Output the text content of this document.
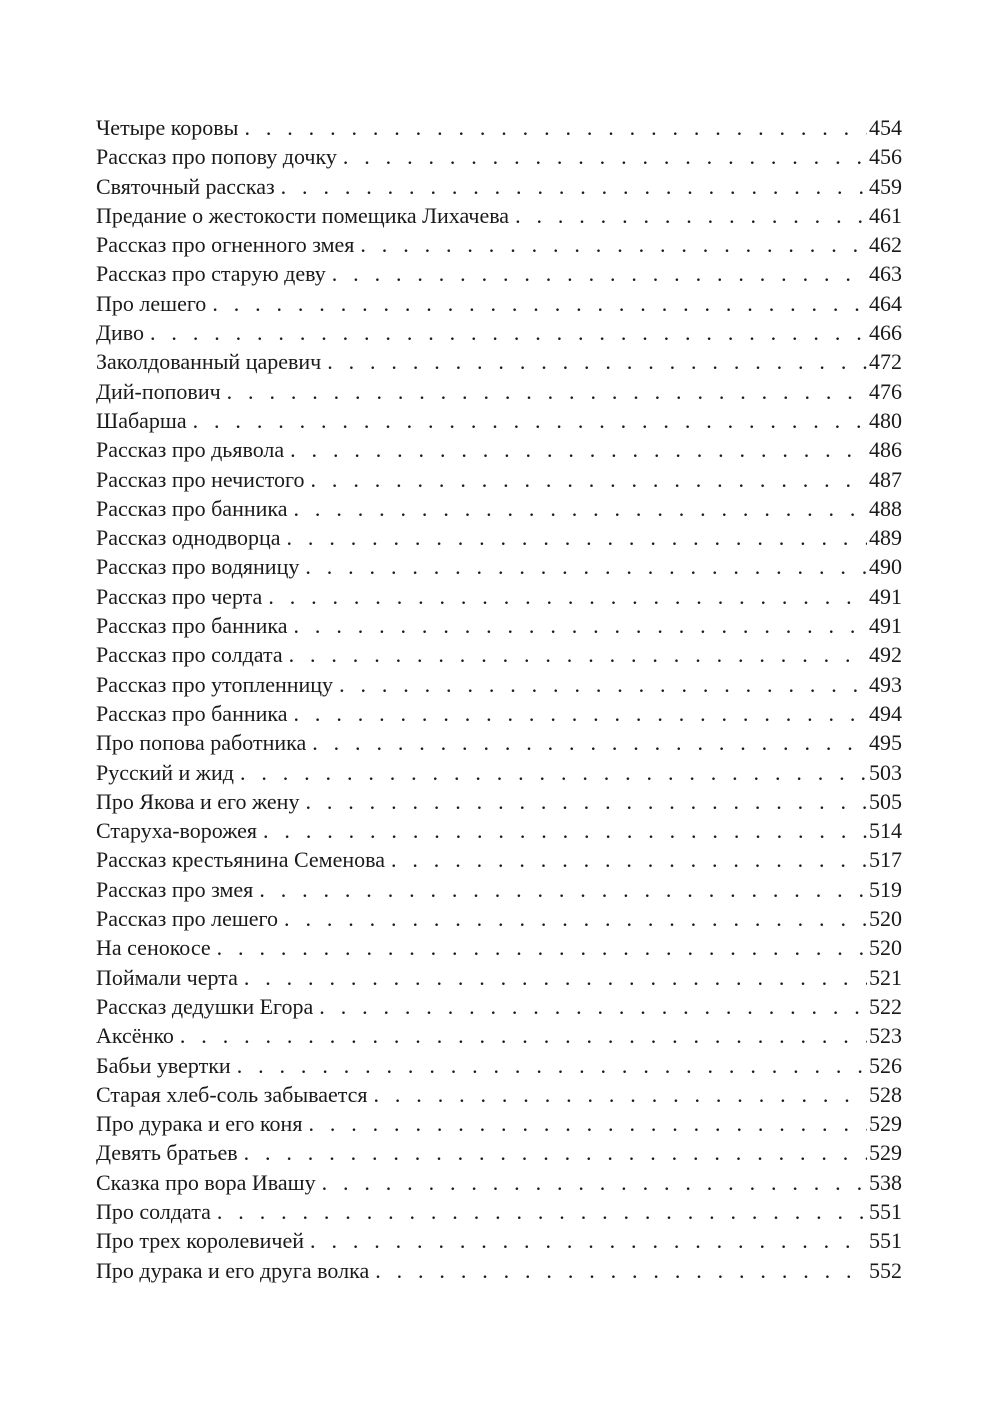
Четыре коровы . . .	454
Рассказ про попову дочку . . .	456
Святочный рассказ . . .	459
Предание о жестокости помещика Лихачева . . .	461
Рассказ про огненного змея . . .	462
Рассказ про старую деву . . .	463
Про лешего . . .	464
Диво . . .	466
Заколдованный царевич . . .	472
Дий-попович . . .	476
Шабарша . . .	480
Рассказ про дьявола . . .	486
Рассказ про нечистого . . .	487
Рассказ про банника . . .	488
Рассказ однодворца . . .	489
Рассказ про водяницу . . .	490
Рассказ про черта . . .	491
Рассказ про банника . . .	491
Рассказ про солдата . . .	492
Рассказ про утопленницу . . .	493
Рассказ про банника . . .	494
Про попова работника . . .	495
Русский и жид . . .	503
Про Якова и его жену . . .	505
Старуха-ворожея . . .	514
Рассказ крестьянина Семенова . . .	517
Рассказ про змея . . .	519
Рассказ про лешего . . .	520
На сенокосе . . .	520
Поймали черта . . .	521
Рассказ дедушки Егора . . .	522
Аксёнко . . .	523
Бабьи увертки . . .	526
Старая хлеб-соль забывается . . .	528
Про дурака и его коня . . .	529
Девять братьев . . .	529
Сказка про вора Ивашу . . .	538
Про солдата . . .	551
Про трех королевичей . . .	551
Про дурака и его друга волка . . .	552
